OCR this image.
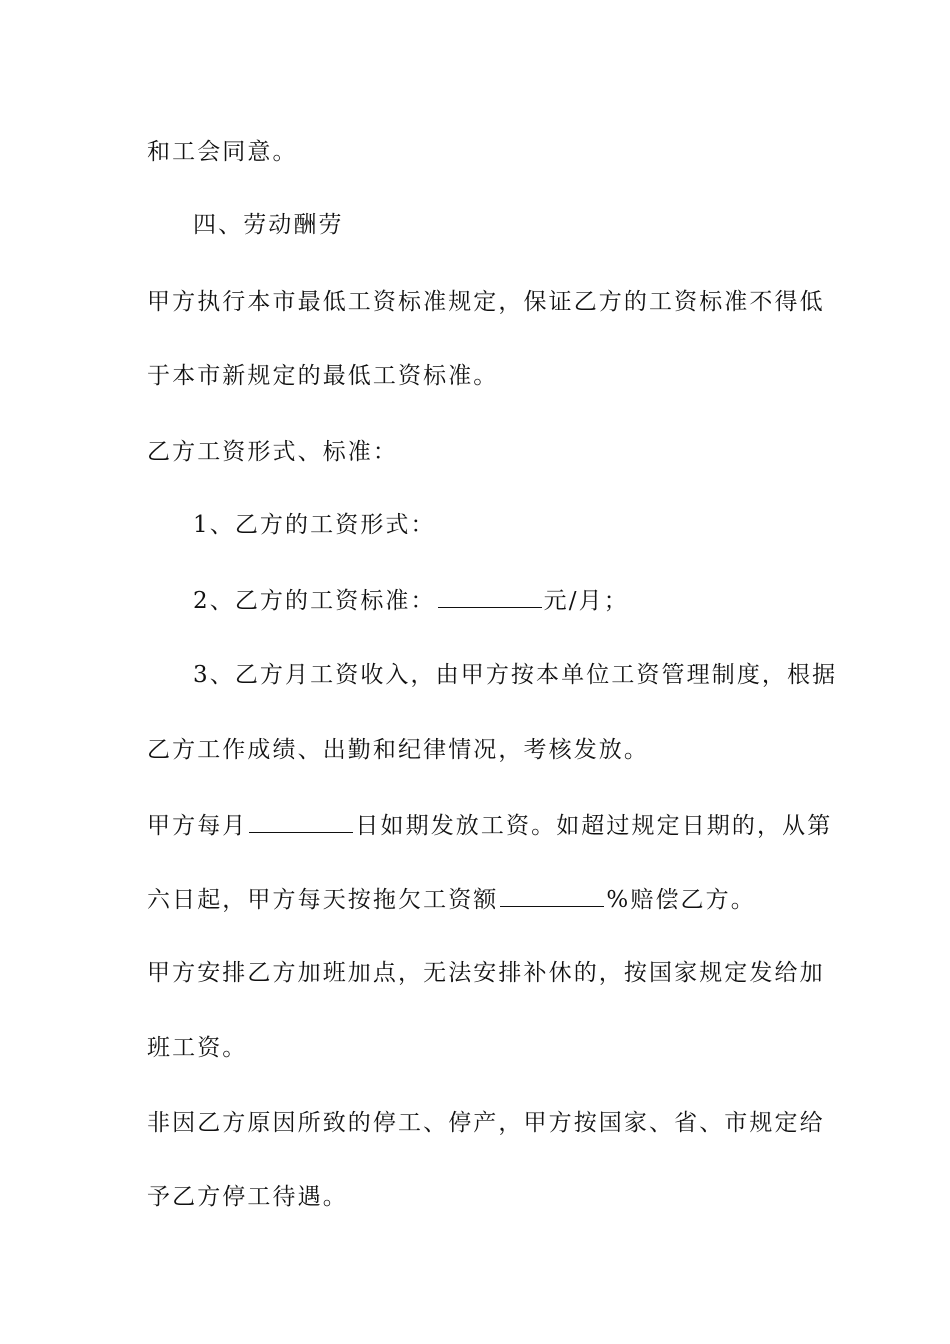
和工会同意。
四、劳动酬劳
甲方执行本市最低工资标准规定，保证乙方的工资标准不得低
于本市新规定的最低工资标准。
乙方工资形式、标准：
1、乙方的工资形式：
2、乙方的工资标准：	元/月；
3、乙方月工资收入，由甲方按本单位工资管理制度，根据
乙方工作成绩、出勤和纪律情况，考核发放。
甲方每月	日如期发放工资。如超过规定日期的，从第
六日起，甲方每天按拖欠工资额	%赔偿乙方。
甲方安排乙方加班加点，无法安排补休的，按国家规定发给加
班工资。
非因乙方原因所致的停工、停产，甲方按国家、省、市规定给
予乙方停工待遇。
